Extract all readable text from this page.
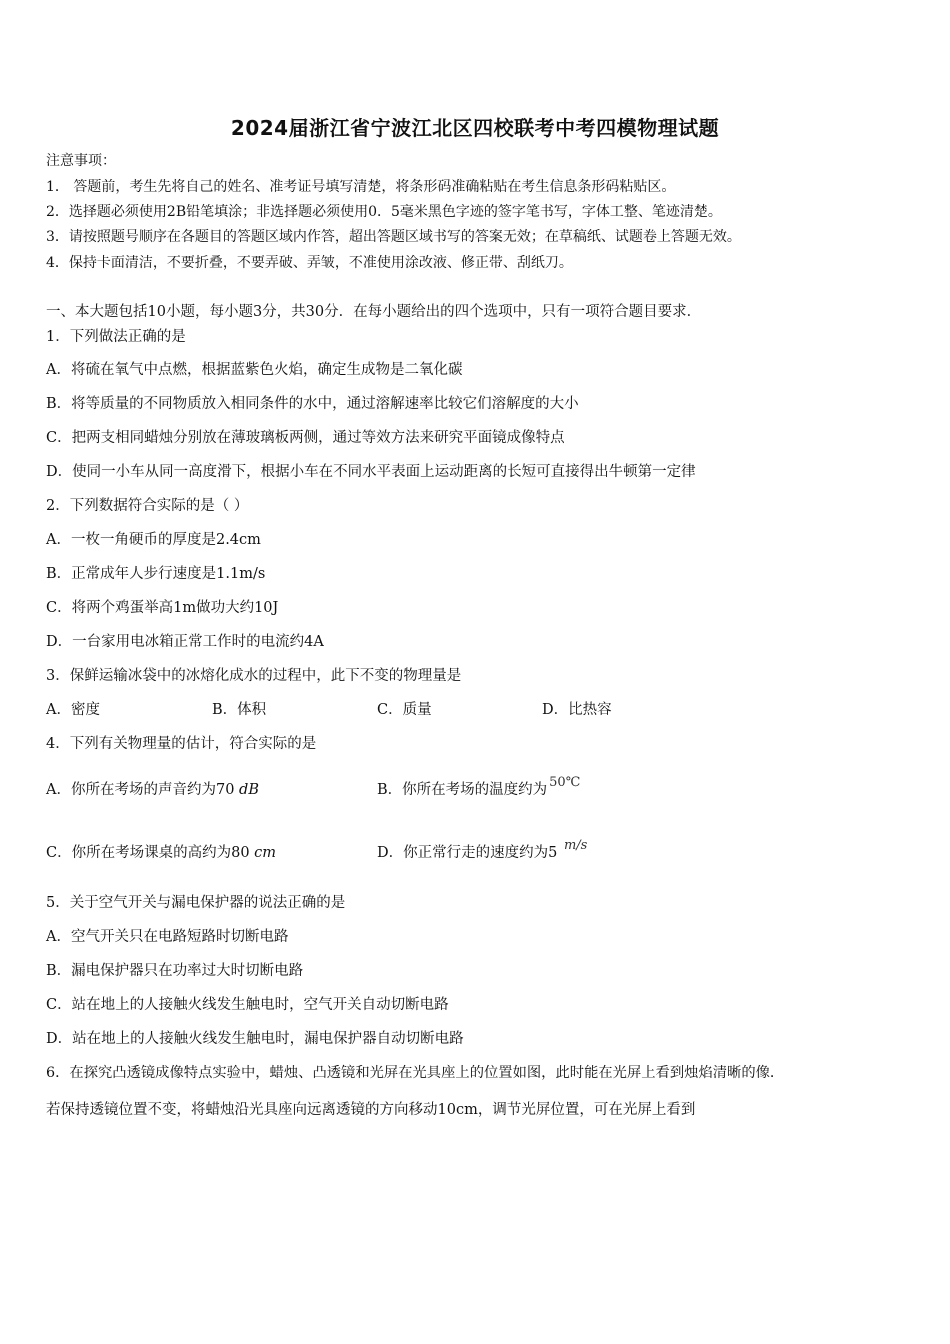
2024届浙江省宁波江北区四校联考中考四模物理试题
注意事项：
1． 答题前，考生先将自己的姓名、准考证号填写清楚，将条形码准确粘贴在考生信息条形码粘贴区。
2．选择题必须使用2B铅笔填涂；非选择题必须使用0．5毫米黑色字迹的签字笔书写，字体工整、笔迹清楚。
3．请按照题号顺序在各题目的答题区域内作答，超出答题区域书写的答案无效；在草稿纸、试题卷上答题无效。
4．保持卡面清洁，不要折叠，不要弄破、弄皱，不准使用涂改液、修正带、刮纸刀。
一、本大题包括10小题，每小题3分，共30分．在每小题给出的四个选项中，只有一项符合题目要求．
1．下列做法正确的是
A．将硫在氧气中点燃，根据蓝紫色火焰，确定生成物是二氧化碳
B．将等质量的不同物质放入相同条件的水中，通过溶解速率比较它们溶解度的大小
C．把两支相同蜡烛分别放在薄玻璃板两侧，通过等效方法来研究平面镜成像特点
D．使同一小车从同一高度滑下，根据小车在不同水平表面上运动距离的长短可直接得出牛顿第一定律
2．下列数据符合实际的是（ ）
A．一枚一角硬币的厚度是2.4cm
B．正常成年人步行速度是1.1m/s
C．将两个鸡蛋举高1m做功大约10J
D．一台家用电冰箱正常工作时的电流约4A
3．保鲜运输冰袋中的冰熔化成水的过程中，此下不变的物理量是
A．密度	B．体积	C．质量	D．比热容
4．下列有关物理量的估计，符合实际的是
A．你所在考场的声音约为70 dB	B．你所在考场的温度约为 50℃
C．你所在考场课桌的高约为80 cm	D．你正常行走的速度约为5 m/s
5．关于空气开关与漏电保护器的说法正确的是
A．空气开关只在电路短路时切断电路
B．漏电保护器只在功率过大时切断电路
C．站在地上的人接触火线发生触电时，空气开关自动切断电路
D．站在地上的人接触火线发生触电时，漏电保护器自动切断电路
6．在探究凸透镜成像特点实验中，蜡烛、凸透镜和光屏在光具座上的位置如图，此时能在光屏上看到烛焰清晰的像．
若保持透镜位置不变，将蜡烛沿光具座向远离透镜的方向移动10cm，调节光屏位置，可在光屏上看到
